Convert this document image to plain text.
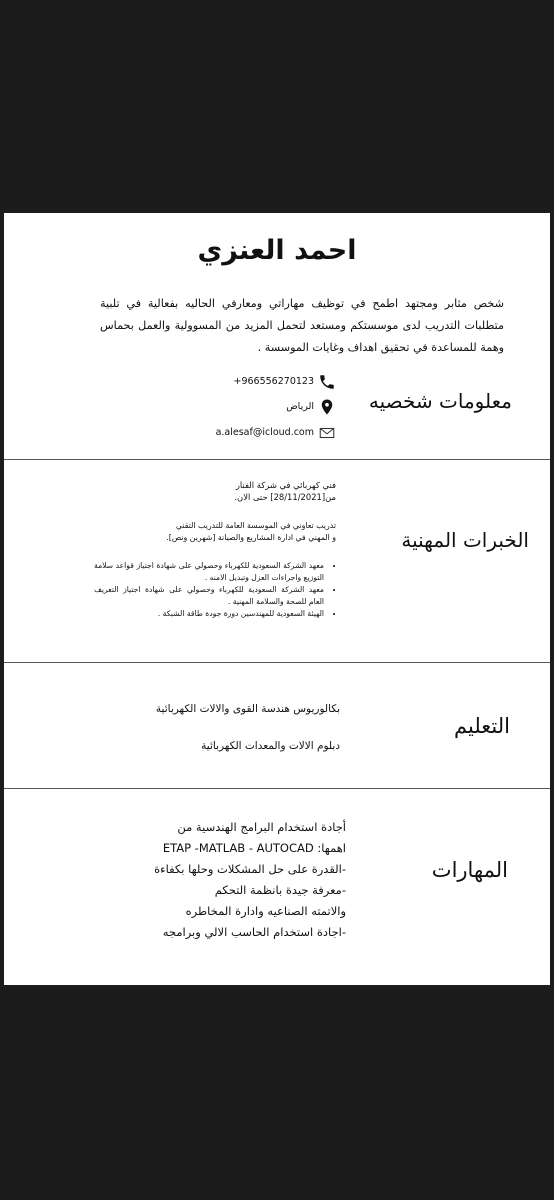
احمد العنزي
شخص مثابر ومجتهد اطمح في توظيف مهاراتي ومعارفي الحاليه بفعالية في تلبية متطلبات التدريب لدى موسستكم ومستعد لتحمل المزيد من المسوولية والعمل بحماس وهمة للمساعدة في تحقيق اهداف وغايات الموسسة .
معلومات شخصيه
+966556270123
الرياض
a.alesaf@icloud.com
الخبرات المهنية
فني كهربائي في شركة الفنار
من[28/11/2021] حتى الان.
تدريب تعاوني في الموسسة العامة للتدريب التقني
و المهني في ادارة المشاريع والصيانة [شهرين ونص].
• معهد الشركة السعودية للكهرباء وحصولي على شهادة اجتياز قواعد سلامة التوزيع واجراءات العزل وتبديل الامنه .
• معهد الشركة السعودية للكهرباء وحصولي على شهادة اجتياز التعريف العام للصحة والسلامة المهنية .
• الهيئة السعودية للمهندسين دورة جودة طاقة الشبكة .
التعليم
بكالوريوس هندسة القوى والالات الكهربائية
دبلوم الالات والمعدات الكهربائية
المهارات
أجادة استخدام البرامج الهندسية من
اهمها: ETAP -MATLAB - AUTOCAD
-القدرة على حل المشكلات وحلها بكفاءة
-معرفة جيدة بانظمة التحكم
والاتمته الصناعيه وادارة المخاطره
-اجادة استخدام الحاسب الالي وبرامجه
